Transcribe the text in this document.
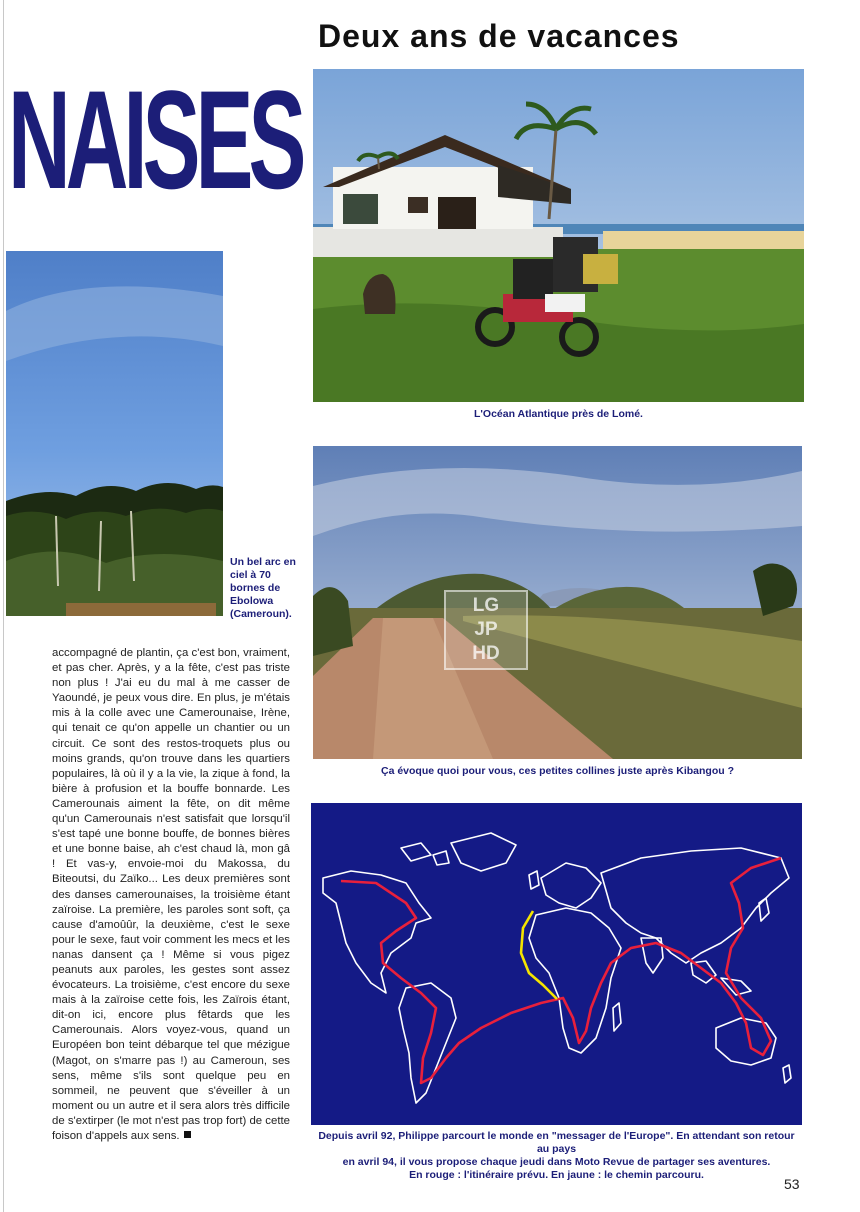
Deux ans de vacances
NAISES
Un bel arc en ciel à 70 bornes de Ebolowa (Cameroun).
L'Océan Atlantique près de Lomé.
LG
JP
HD
Ça évoque quoi pour vous, ces petites collines juste après Kibangou ?
Depuis avril 92, Philippe parcourt le monde en "messager de l'Europe". En attendant son retour au pays
en avril 94, il vous propose chaque jeudi dans Moto Revue de partager ses aventures.
En rouge : l'itinéraire prévu. En jaune : le chemin parcouru.

accompagné de plantin, ça c'est bon, vraiment, et pas cher. Après, y a la fête, c'est pas triste non plus ! J'ai eu du mal à me casser de Yaoundé, je peux vous dire. En plus, je m'étais mis à la colle avec une Camerounaise, Irène, qui tenait ce qu'on appelle un chantier ou un circuit. Ce sont des restos-troquets plus ou moins grands, qu'on trouve dans les quartiers populaires, là où il y a la vie, la zique à fond, la bière à profusion et la bouffe bonnarde. Les Camerounais aiment la fête, on dit même qu'un Camerounais n'est satisfait que lorsqu'il s'est tapé une bonne bouffe, de bonnes bières et une bonne baise, ah c'est chaud là, mon gâ ! Et vas-y, envoie-moi du Makossa, du Biteoutsi, du Zaïko... Les deux premières sont des danses camerounaises, la troisième étant zaïroise. La première, les paroles sont soft, ça cause d'amoûûr, la deuxième, c'est le sexe pour le sexe, faut voir comment les mecs et les nanas dansent ça ! Même si vous pigez peanuts aux paroles, les gestes sont assez évocateurs. La troisième, c'est encore du sexe mais à la zaïroise cette fois, les Zaïrois étant, dit-on ici, encore plus fêtards que les Camerounais. Alors voyez-vous, quand un Européen bon teint débarque tel que mézigue (Magot, on s'marre pas !) au Cameroun, ses sens, même s'ils sont quelque peu en sommeil, ne peuvent que s'éveiller à un moment ou un autre et il sera alors très difficile de s'extirper (le mot n'est pas trop fort) de cette foison d'appels aux sens.

53
